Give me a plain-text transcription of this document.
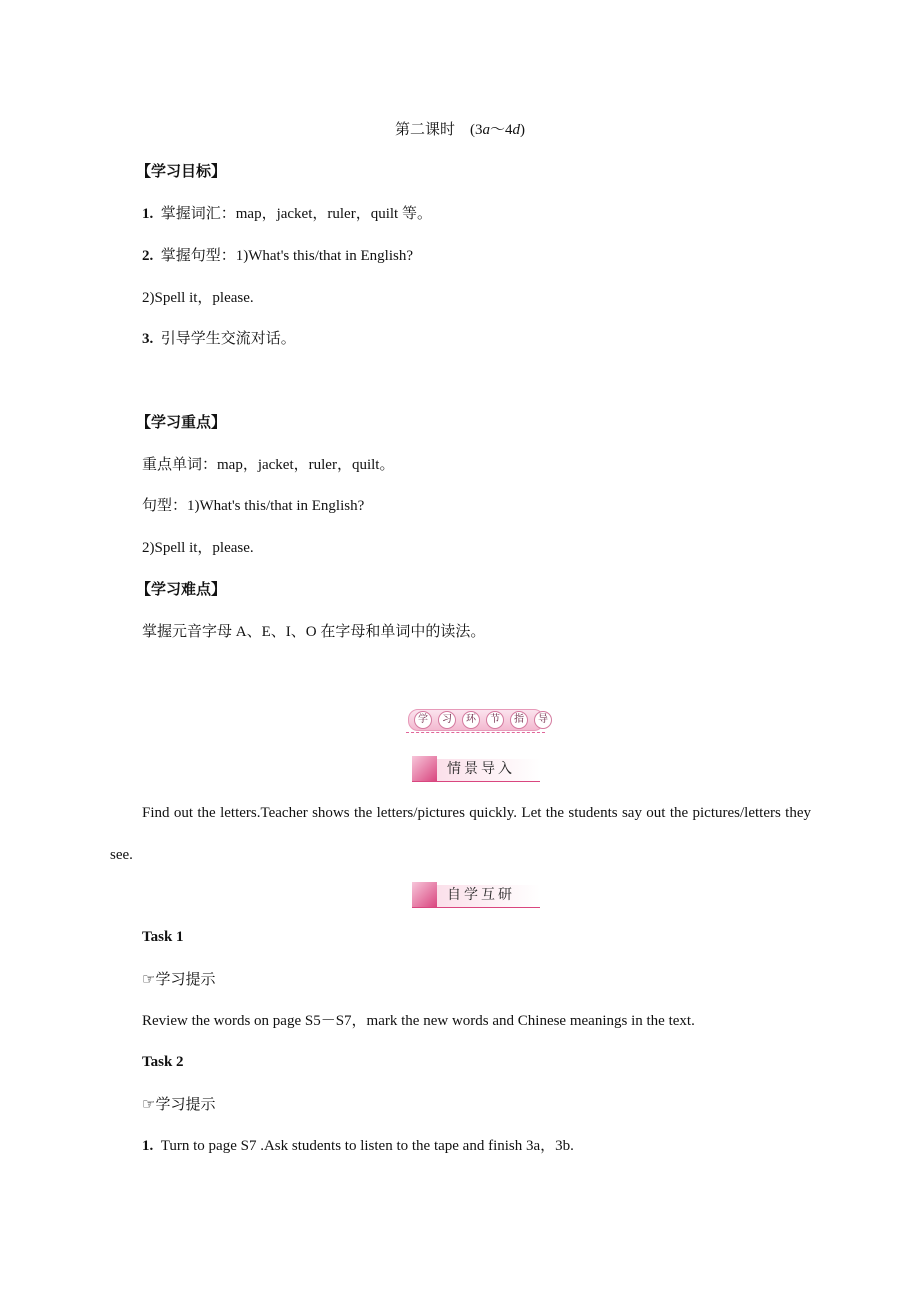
第二课时    (3a～4d)
【学习目标】
1. 掌握词汇：map，jacket，ruler，quilt 等。
2. 掌握句型：1)What's this/that in English?
2)Spell it，please.
3. 引导学生交流对话。
【学习重点】
重点单词：map，jacket，ruler，quilt。
句型：1)What's this/that in English?
2)Spell it，please.
【学习难点】
掌握元音字母 A、E、I、O 在字母和单词中的读法。
学	习	环	节	指	导
情景导入
Find out the letters.Teacher shows the letters/pictures quickly. Let the students say out the pictures/letters they see.
自学互研
Task 1
☞学习提示
Review the words on page S5－S7，mark the new words and Chinese meanings in the text.
Task 2
☞学习提示
1. Turn to page S7 .Ask students to listen to the tape and finish 3a，3b.
